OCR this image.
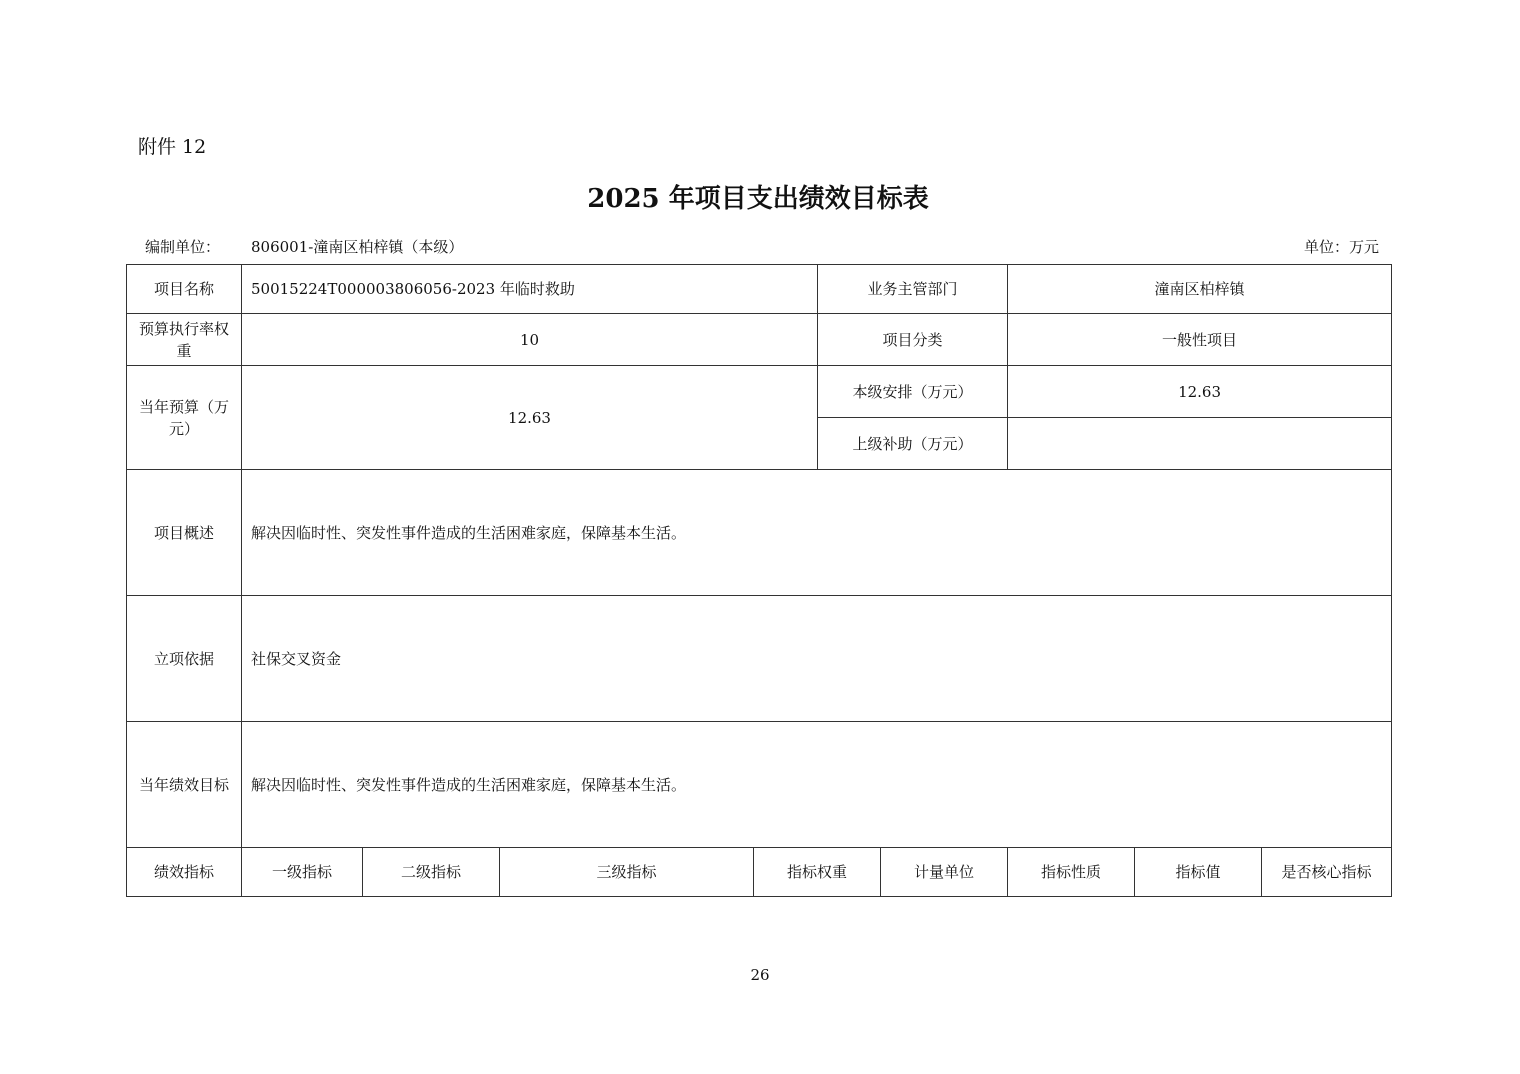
附件 12
2025 年项目支出绩效目标表
编制单位： 806001-潼南区柏梓镇（本级）	单位：万元
项目名称	50015224T000003806056-2023 年临时救助				业务主管部门		潼南区柏梓镇		
预算执行率权重	10				项目分类		一般性项目		
当年预算（万元）	12.63				本级安排（万元）		12.63		
					上级补助（万元）				
项目概述	解决因临时性、突发性事件造成的生活困难家庭，保障基本生活。								
立项依据	社保交叉资金								
当年绩效目标	解决因临时性、突发性事件造成的生活困难家庭，保障基本生活。								
绩效指标	一级指标	二级指标	三级指标	指标权重		计量单位	指标性质	指标值	是否核心指标
26
